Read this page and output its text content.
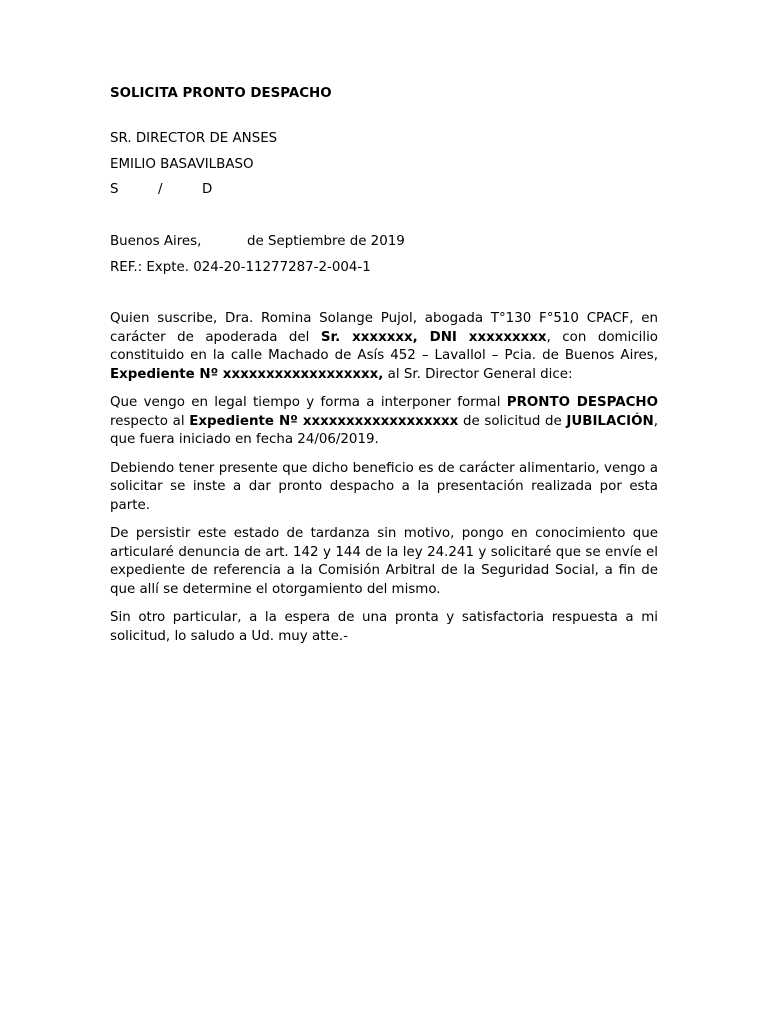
SOLICITA PRONTO DESPACHO
SR. DIRECTOR DE ANSES
EMILIO BASAVILBASO
S	/	D
Buenos Aires,	de Septiembre de 2019
REF.: Expte. 024-20-11277287-2-004-1

Quien suscribe, Dra. Romina Solange Pujol, abogada T°130 F°510 CPACF, en carácter de apoderada del Sr. xxxxxxx, DNI xxxxxxxxx, con domicilio constituido en la calle Machado de Asís 452 – Lavallol – Pcia. de Buenos Aires, Expediente Nº xxxxxxxxxxxxxxxxxx, al Sr. Director General dice:

Que vengo en legal tiempo y forma a interponer formal PRONTO DESPACHO respecto al Expediente Nº xxxxxxxxxxxxxxxxxx de solicitud de JUBILACIÓN, que fuera iniciado en fecha 24/06/2019.

Debiendo tener presente que dicho beneficio es de carácter alimentario, vengo a solicitar se inste a dar pronto despacho a la presentación realizada por esta parte.

De persistir este estado de tardanza sin motivo, pongo en conocimiento que articularé denuncia de art. 142 y 144 de la ley 24.241 y solicitaré que se envíe el expediente de referencia a la Comisión Arbitral de la Seguridad Social, a fin de que allí se determine el otorgamiento del mismo.

Sin otro particular, a la espera de una pronta y satisfactoria respuesta a mi solicitud, lo saludo a Ud. muy atte.-
